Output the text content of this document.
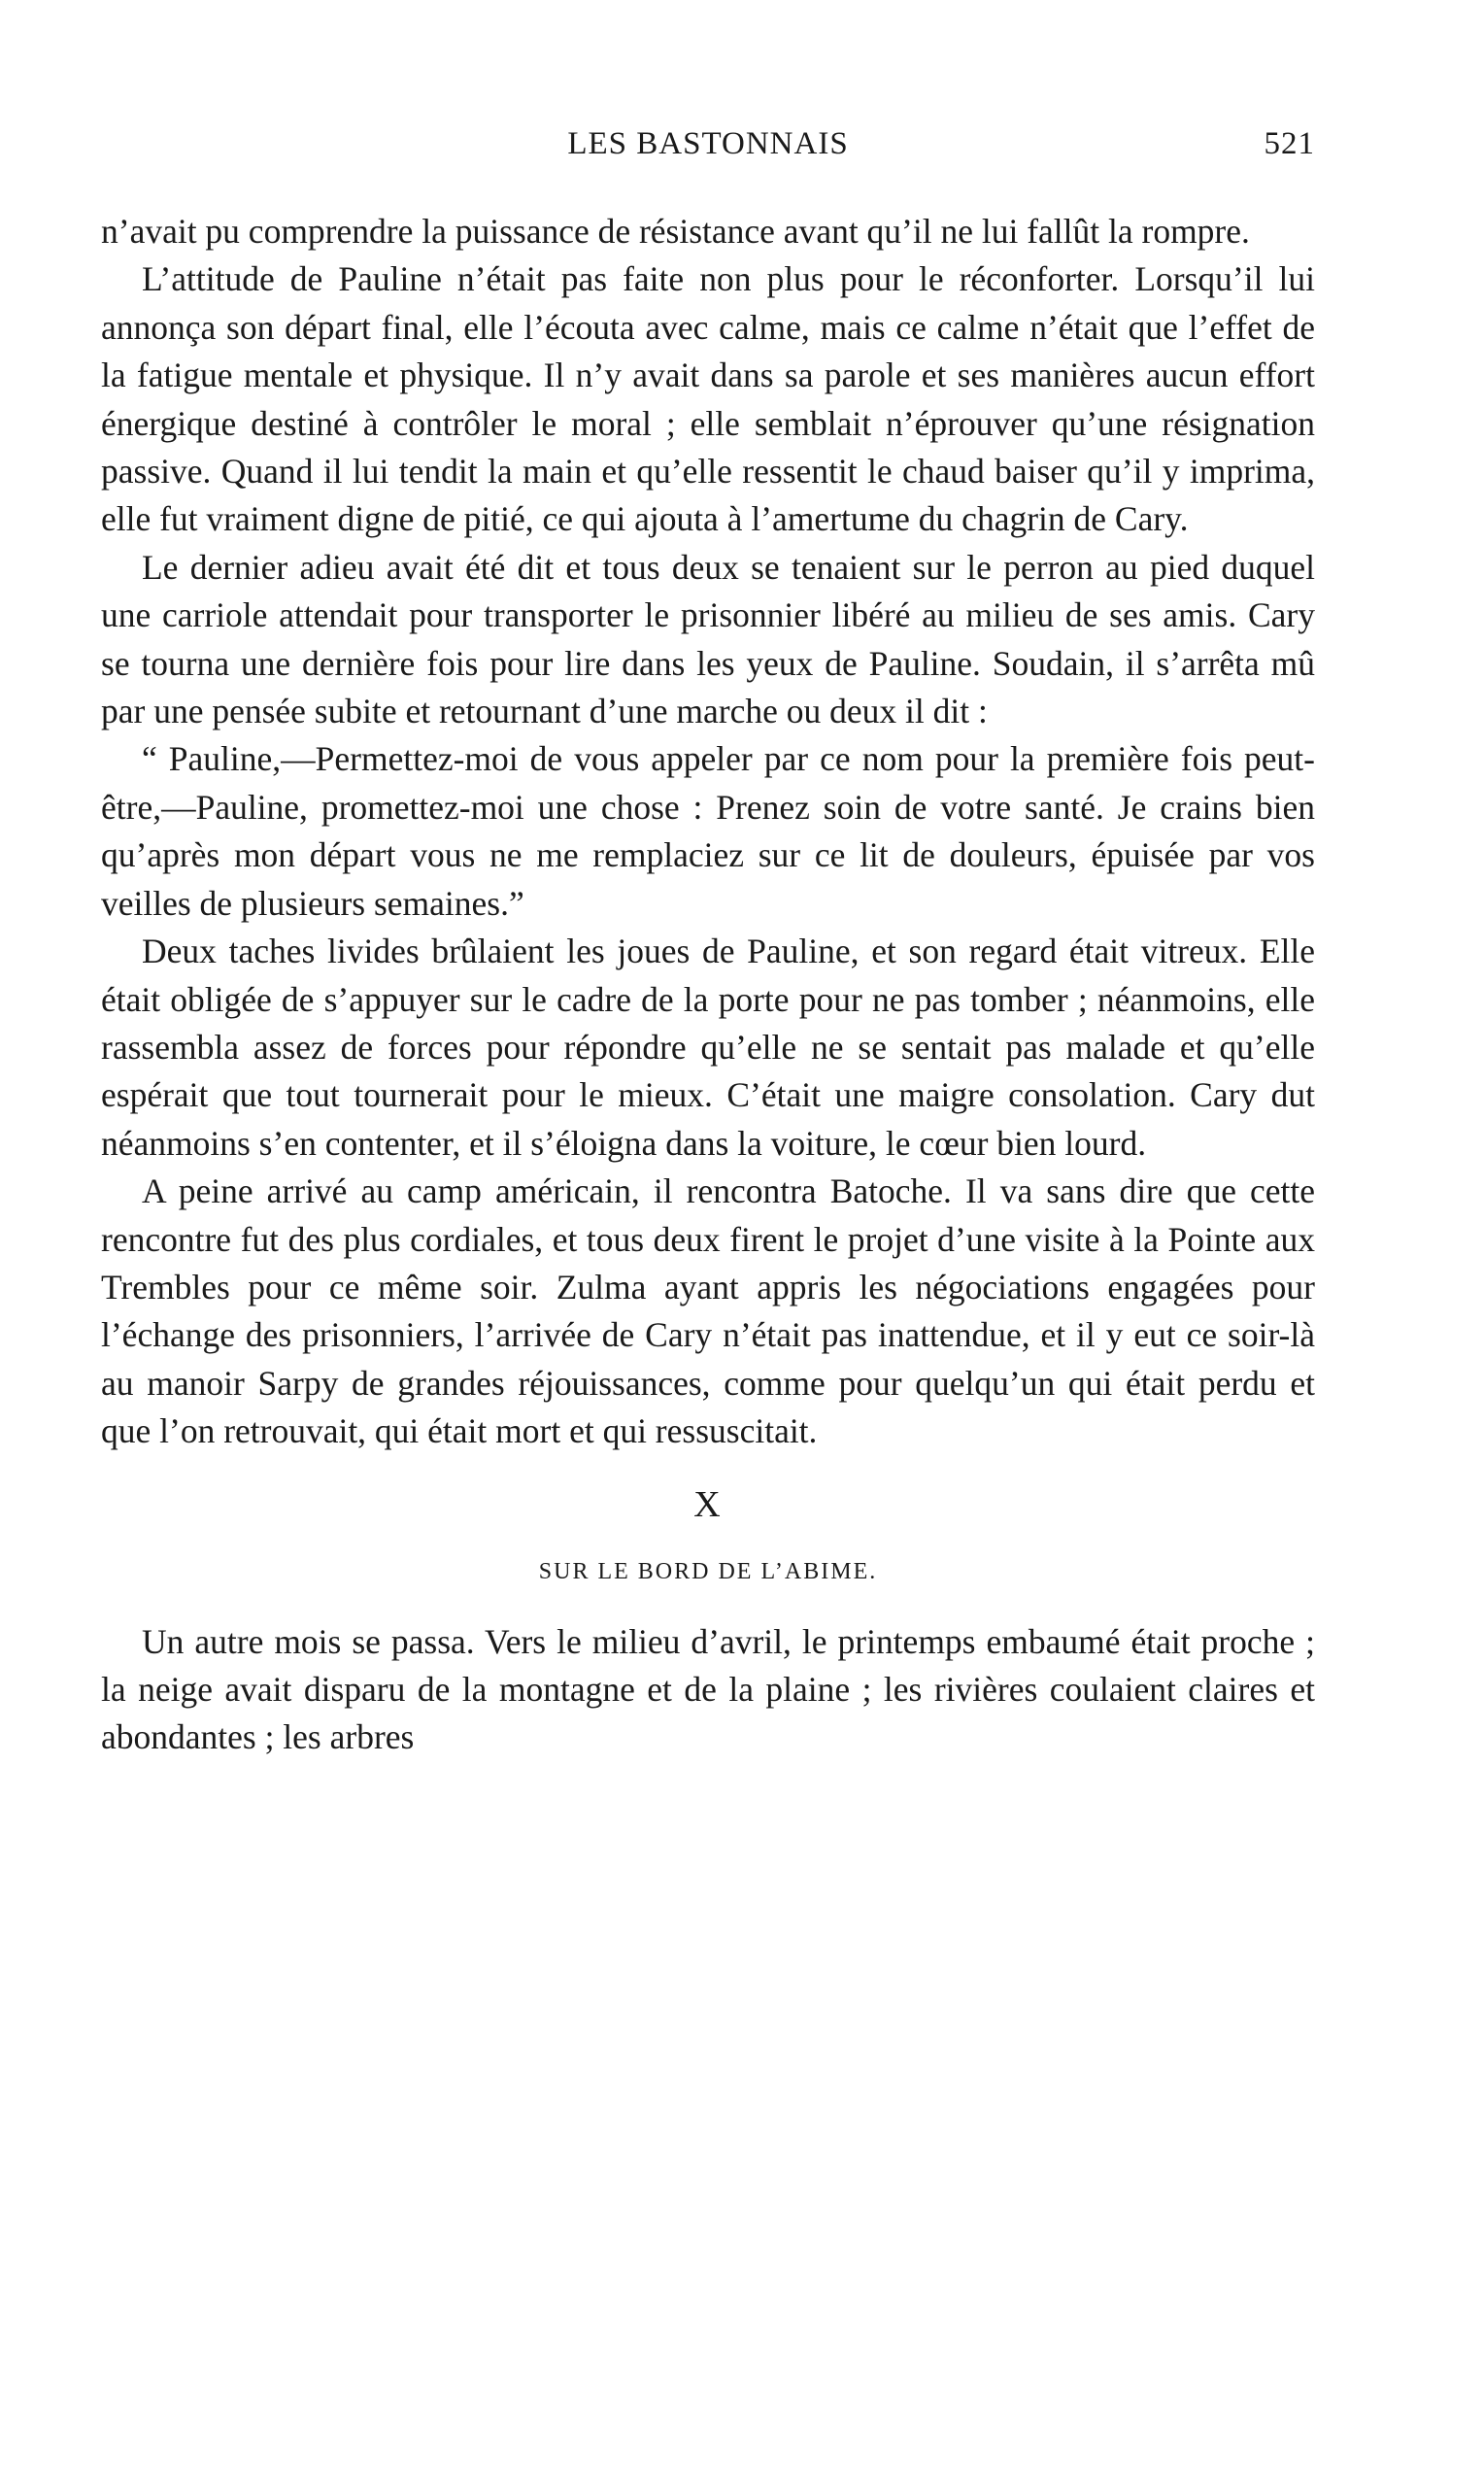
LES BASTONNAIS	521

n’avait pu comprendre la puissance de résistance avant qu’il ne lui fallût la rompre.

L’attitude de Pauline n’était pas faite non plus pour le réconforter. Lorsqu’il lui annonça son départ final, elle l’écouta avec calme, mais ce calme n’était que l’effet de la fatigue mentale et physique. Il n’y avait dans sa parole et ses manières aucun effort énergique destiné à contrôler le moral ; elle semblait n’éprouver qu’une résignation passive. Quand il lui tendit la main et qu’elle ressentit le chaud baiser qu’il y imprima, elle fut vraiment digne de pitié, ce qui ajouta à l’amertume du chagrin de Cary.

Le dernier adieu avait été dit et tous deux se tenaient sur le perron au pied duquel une carriole attendait pour transporter le prisonnier libéré au milieu de ses amis. Cary se tourna une dernière fois pour lire dans les yeux de Pauline. Soudain, il s’arrêta mû par une pensée subite et retournant d’une marche ou deux il dit :

“ Pauline,—Permettez-moi de vous appeler par ce nom pour la première fois peut-être,—Pauline, promettez-moi une chose : Prenez soin de votre santé. Je crains bien qu’après mon départ vous ne me remplaciez sur ce lit de douleurs, épuisée par vos veilles de plusieurs semaines.”

Deux taches livides brûlaient les joues de Pauline, et son regard était vitreux. Elle était obligée de s’appuyer sur le cadre de la porte pour ne pas tomber ; néanmoins, elle rassembla assez de forces pour répondre qu’elle ne se sentait pas malade et qu’elle espérait que tout tournerait pour le mieux. C’était une maigre consolation. Cary dut néanmoins s’en contenter, et il s’éloigna dans la voiture, le cœur bien lourd.

A peine arrivé au camp américain, il rencontra Batoche. Il va sans dire que cette rencontre fut des plus cordiales, et tous deux firent le projet d’une visite à la Pointe aux Trembles pour ce même soir. Zulma ayant appris les négociations engagées pour l’échange des prisonniers, l’arrivée de Cary n’était pas inattendue, et il y eut ce soir-là au manoir Sarpy de grandes réjouissances, comme pour quelqu’un qui était perdu et que l’on retrouvait, qui était mort et qui ressuscitait.

X
SUR LE BORD DE L’ABIME.

Un autre mois se passa. Vers le milieu d’avril, le printemps embaumé était proche ; la neige avait disparu de la montagne et de la plaine ; les rivières coulaient claires et abondantes ; les arbres
